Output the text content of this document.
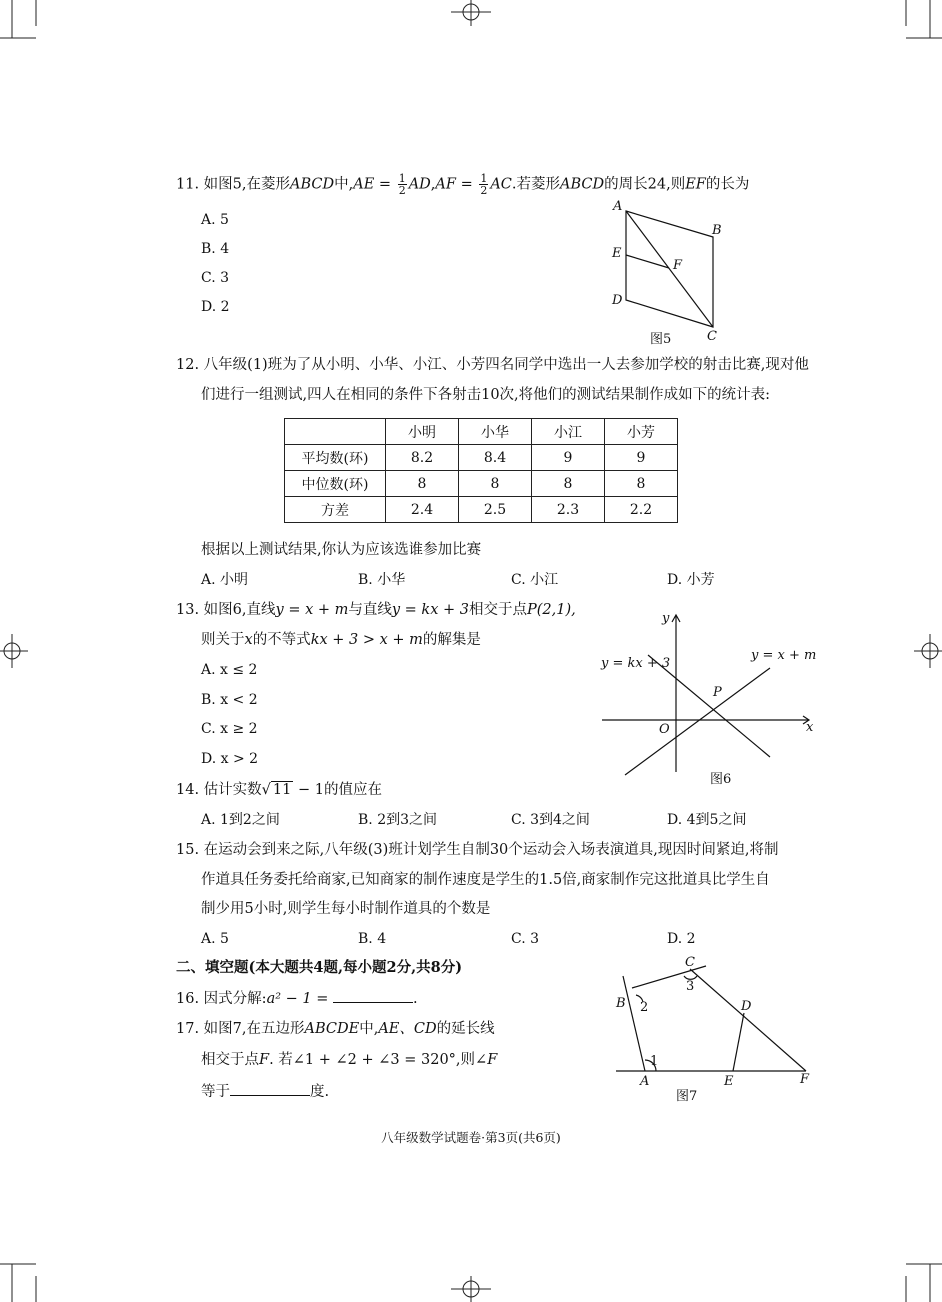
11. 如图5,在菱形ABCD中$,AE = \frac{1}{2} AD,AF = \frac{1}{2}$ AC.若菱形ABCD的周长24,则EF的长为
A. 5
B. 4
C. 3
D. 2
A
B
E
F
D
C
图5
12. 八年级(1)班为了从小明、小华、小江、小芳四名同学中选出一人去参加学校的射击比赛,现对他
们进行一组测试,四人在相同的条件下各射击10次,将他们的测试结果制作成如下的统计表:
	小明	小华	小江	小芳
平均数(环)	8.2	8.4	9	9
中位数(环)	8	8	8	8
方差	2.4	2.5	2.3	2.2
根据以上测试结果,你认为应该选谁参加比赛
A. 小明	B. 小华	C. 小江	D. 小芳
13. 如图6,直线y = x + m与直线y = kx + 3相交于点P(2,1),
则关于x的不等式kx + 3 > x + m的解集是
A. x ≤ 2
B. x < 2
C. x ≥ 2
D. x > 2
y
x
O
P
y = kx + 3
y = x + m
图6
14. 估计实数√ 11 − 1的值应在
A. 1到2之间	B. 2到3之间	C. 3到4之间	D. 4到5之间
15. 在运动会到来之际,八年级(3)班计划学生自制30个运动会入场表演道具,现因时间紧迫,将制
作道具任务委托给商家,已知商家的制作速度是学生的1.5倍,商家制作完这批道具比学生自
制少用5小时,则学生每小时制作道具的个数是
A. 5	B. 4	C. 3	D. 2
二、填空题(本大题共4题,每小题2分,共8分)
16. 因式分解:a² − 1 =	.
17. 如图7,在五边形ABCDE中,AE、CD的延长线
相交于点F. 若∠1 + ∠2 + ∠3 = 320°,则∠F
等于	度.
C
3
B 2	D
1
A	E	F
图7
八年级数学试题卷·第3页(共6页)
